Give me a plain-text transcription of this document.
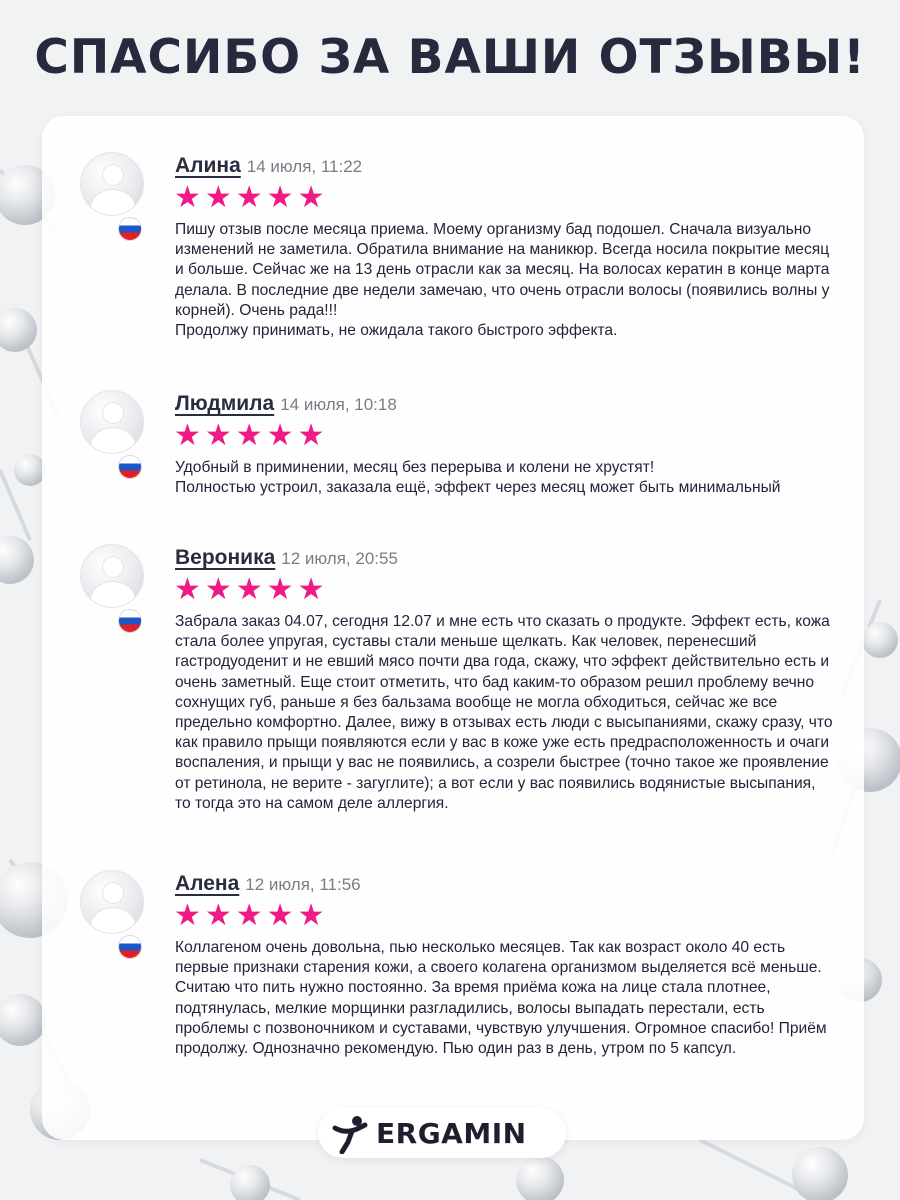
СПАСИБО ЗА ВАШИ ОТЗЫВЫ!
Алина 14 июля, 11:22
★★★★★

Пишу отзыв после месяца приема. Моему организму бад подошел. Сначала визуально изменений не заметила. Обратила внимание на маникюр. Всегда носила покрытие месяц и больше. Сейчас же на 13 день отрасли как за месяц. На волосах кератин в конце марта делала. В последние две недели замечаю, что очень отрасли волосы (появились волны у корней). Очень рада!!!
Продолжу принимать, не ожидала такого быстрого эффекта.

Людмила 14 июля, 10:18
★★★★★

Удобный в приминении, месяц без перерыва и колени не хрустят!
Полностью устроил, заказала ещё, эффект через месяц может быть минимальный

Вероника 12 июля, 20:55
★★★★★

Забрала заказ 04.07, сегодня 12.07 и мне есть что сказать о продукте. Эффект есть, кожа стала более упругая, суставы стали меньше щелкать. Как человек, перенесший гастродуоденит и не евший мясо почти два года, скажу, что эффект действительно есть и очень заметный. Еще стоит отметить, что бад каким-то образом решил проблему вечно сохнущих губ, раньше я без бальзама вообще не могла обходиться, сейчас же все предельно комфортно. Далее, вижу в отзывах есть люди с высыпаниями, скажу сразу, что как правило прыщи появляются если у вас в коже уже есть предрасположенность и очаги воспаления, и прыщи у вас не появились, а созрели быстрее (точно такое же проявление от ретинола, не верите - загуглите); а вот если у вас появились водянистые высыпания, то тогда это на самом деле аллергия.

Алена 12 июля, 11:56
★★★★★

Коллагеном очень довольна, пью несколько месяцев. Так как возраст около 40 есть первые признаки старения кожи, а своего колагена организмом выделяется всё меньше. Считаю что пить нужно постоянно. За время приёма кожа на лице стала плотнее, подтянулась, мелкие морщинки разгладились, волосы выпадать перестали, есть проблемы с позвоночником и суставами, чувствую улучшения. Огромное спасибо! Приём продолжу. Однозначно рекомендую. Пью один раз в день, утром по 5 капсул.

ERGAMIN
